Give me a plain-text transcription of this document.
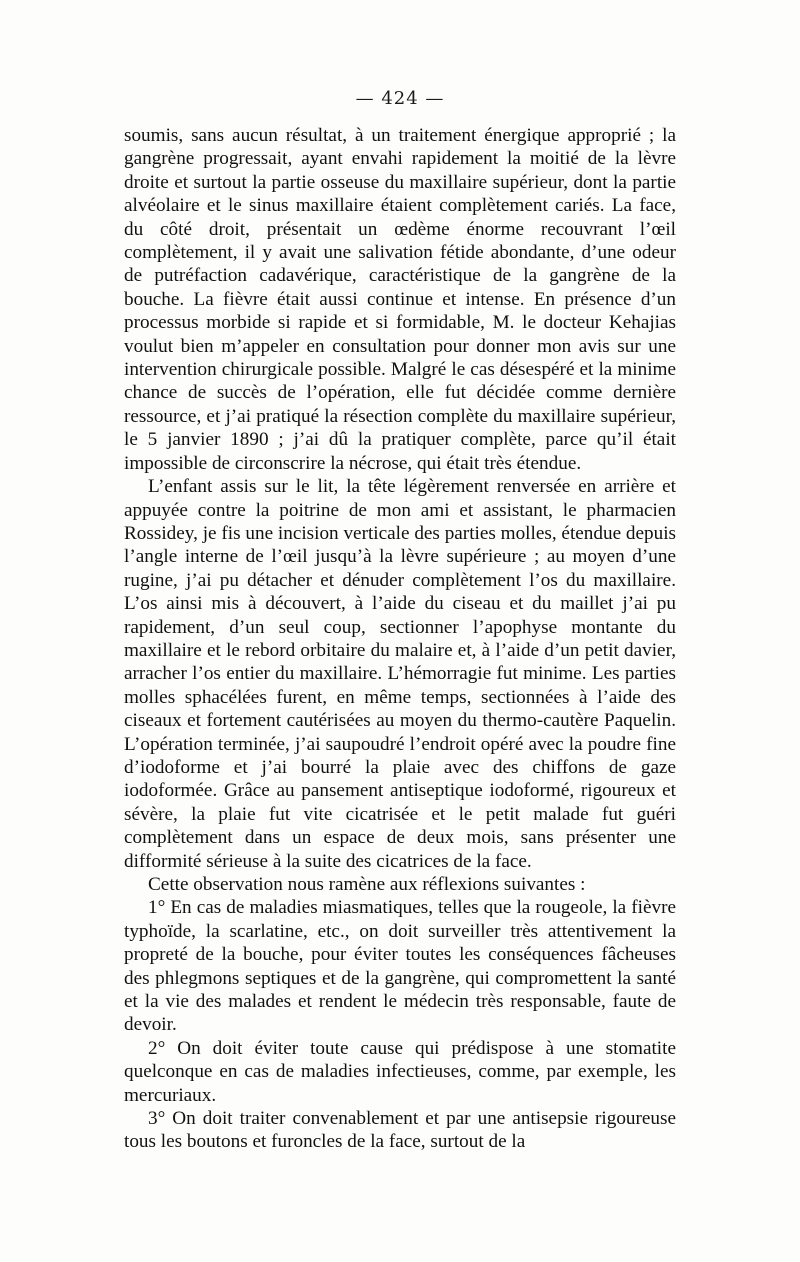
— 424 —

soumis, sans aucun résultat, à un traitement énergique approprié ; la gangrène progressait, ayant envahi rapidement la moitié de la lèvre droite et surtout la partie osseuse du maxillaire supérieur, dont la partie alvéolaire et le sinus maxillaire étaient complètement cariés. La face, du côté droit, présentait un œdème énorme recouvrant l’œil complètement, il y avait une salivation fétide abondante, d’une odeur de putréfaction cadavérique, caractéristique de la gangrène de la bouche. La fièvre était aussi continue et intense. En présence d’un processus morbide si rapide et si formidable, M. le docteur Kehajias voulut bien m’appeler en consultation pour donner mon avis sur une intervention chirurgicale possible. Malgré le cas désespéré et la minime chance de succès de l’opération, elle fut décidée comme dernière ressource, et j’ai pratiqué la résection complète du maxillaire supérieur, le 5 janvier 1890 ; j’ai dû la pratiquer complète, parce qu’il était impossible de circonscrire la nécrose, qui était très étendue.

L’enfant assis sur le lit, la tête légèrement renversée en arrière et appuyée contre la poitrine de mon ami et assistant, le pharmacien Rossidey, je fis une incision verticale des parties molles, étendue depuis l’angle interne de l’œil jusqu’à la lèvre supérieure ; au moyen d’une rugine, j’ai pu détacher et dénuder complètement l’os du maxillaire. L’os ainsi mis à découvert, à l’aide du ciseau et du maillet j’ai pu rapidement, d’un seul coup, sectionner l’apophyse montante du maxillaire et le rebord orbitaire du malaire et, à l’aide d’un petit davier, arracher l’os entier du maxillaire. L’hémorragie fut minime. Les parties molles sphacélées furent, en même temps, sectionnées à l’aide des ciseaux et fortement cautérisées au moyen du thermo-cautère Paquelin. L’opération terminée, j’ai saupoudré l’endroit opéré avec la poudre fine d’iodoforme et j’ai bourré la plaie avec des chiffons de gaze iodoformée. Grâce au pansement antiseptique iodoformé, rigoureux et sévère, la plaie fut vite cicatrisée et le petit malade fut guéri complètement dans un espace de deux mois, sans présenter une difformité sérieuse à la suite des cicatrices de la face.

Cette observation nous ramène aux réflexions suivantes :

1° En cas de maladies miasmatiques, telles que la rougeole, la fièvre typhoïde, la scarlatine, etc., on doit surveiller très attentivement la propreté de la bouche, pour éviter toutes les conséquences fâcheuses des phlegmons septiques et de la gangrène, qui compromettent la santé et la vie des malades et rendent le médecin très responsable, faute de devoir.

2° On doit éviter toute cause qui prédispose à une stomatite quelconque en cas de maladies infectieuses, comme, par exemple, les mercuriaux.

3° On doit traiter convenablement et par une antisepsie rigoureuse tous les boutons et furoncles de la face, surtout de la
